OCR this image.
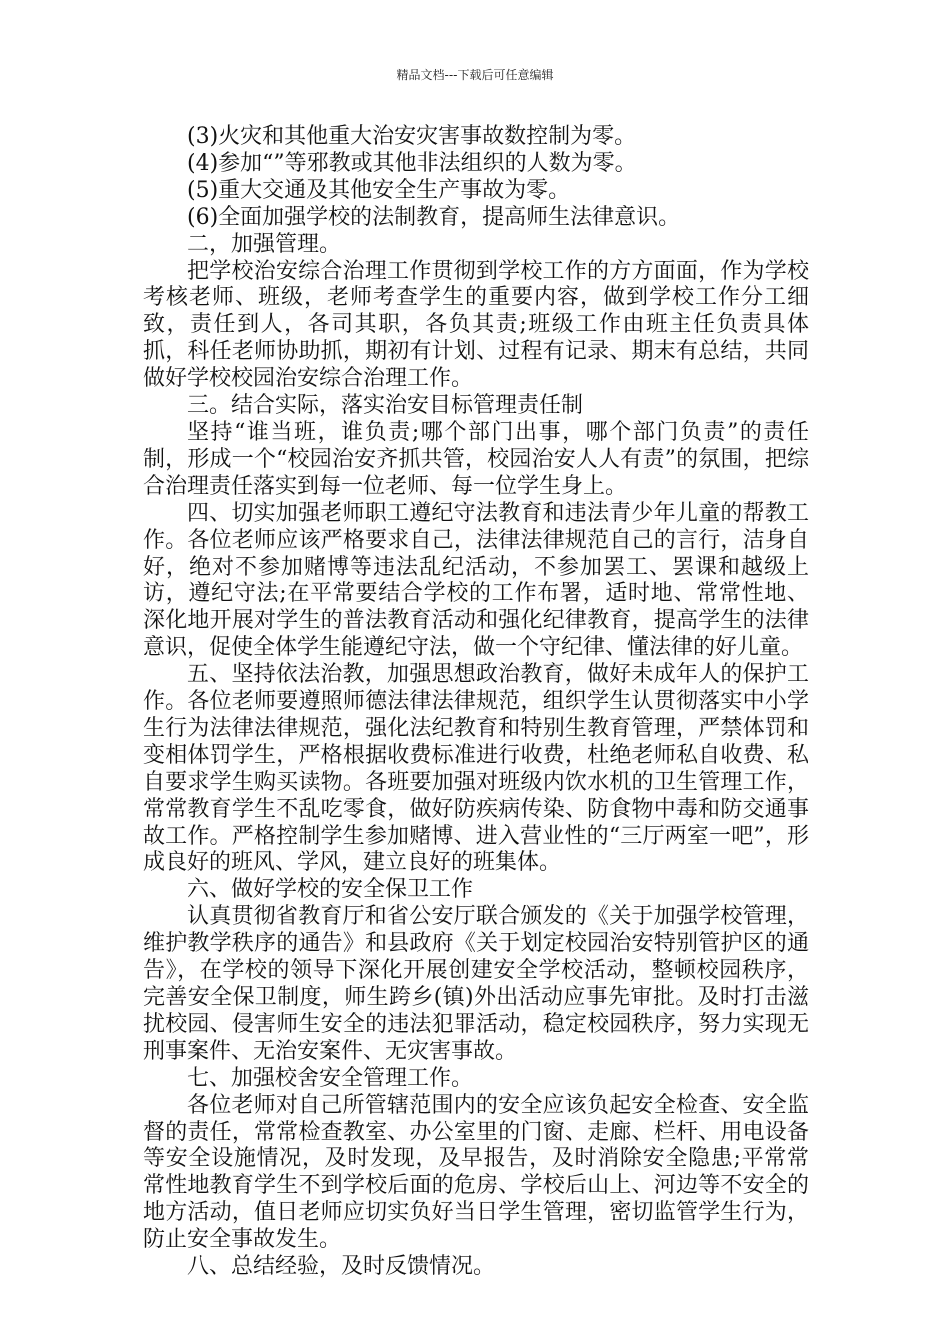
精品文档---下载后可任意编辑

(3)火灾和其他重大治安灾害事故数控制为零。

(4)参加“”等邪教或其他非法组织的人数为零。

(5)重大交通及其他安全生产事故为零。

(6)全面加强学校的法制教育，提高师生法律意识。

二，加强管理。

把学校治安综合治理工作贯彻到学校工作的方方面面，作为学校考核老师、班级，老师考查学生的重要内容，做到学校工作分工细致，责任到人，各司其职，各负其责;班级工作由班主任负责具体抓，科任老师协助抓，期初有计划、过程有记录、期末有总结，共同做好学校校园治安综合治理工作。

三。结合实际，落实治安目标管理责任制

坚持“谁当班，谁负责;哪个部门出事，哪个部门负责”的责任制，形成一个“校园治安齐抓共管，校园治安人人有责”的氛围，把综合治理责任落实到每一位老师、每一位学生身上。

四、切实加强老师职工遵纪守法教育和违法青少年儿童的帮教工作。各位老师应该严格要求自己，法律法律规范自己的言行，洁身自好，绝对不参加赌博等违法乱纪活动，不参加罢工、罢课和越级上访，遵纪守法;在平常要结合学校的工作布署，适时地、常常性地、深化地开展对学生的普法教育活动和强化纪律教育，提高学生的法律意识，促使全体学生能遵纪守法，做一个守纪律、懂法律的好儿童。

五、坚持依法治教，加强思想政治教育，做好未成年人的保护工作。各位老师要遵照师德法律法律规范，组织学生认贯彻落实中小学生行为法律法律规范，强化法纪教育和特别生教育管理，严禁体罚和变相体罚学生，严格根据收费标准进行收费，杜绝老师私自收费、私自要求学生购买读物。各班要加强对班级内饮水机的卫生管理工作，常常教育学生不乱吃零食，做好防疾病传染、防食物中毒和防交通事故工作。严格控制学生参加赌博、进入营业性的“三厅两室一吧”，形成良好的班风、学风，建立良好的班集体。

六、做好学校的安全保卫工作

认真贯彻省教育厅和省公安厅联合颁发的《关于加强学校管理，维护教学秩序的通告》和县政府《关于划定校园治安特别管护区的通告》，在学校的领导下深化开展创建安全学校活动，整顿校园秩序，完善安全保卫制度，师生跨乡(镇)外出活动应事先审批。及时打击滋扰校园、侵害师生安全的违法犯罪活动，稳定校园秩序，努力实现无刑事案件、无治安案件、无灾害事故。

七、加强校舍安全管理工作。

各位老师对自己所管辖范围内的安全应该负起安全检查、安全监督的责任，常常检查教室、办公室里的门窗、走廊、栏杆、用电设备等安全设施情况，及时发现，及早报告，及时消除安全隐患;平常常常性地教育学生不到学校后面的危房、学校后山上、河边等不安全的地方活动，值日老师应切实负好当日学生管理，密切监管学生行为，防止安全事故发生。

八、总结经验，及时反馈情况。
